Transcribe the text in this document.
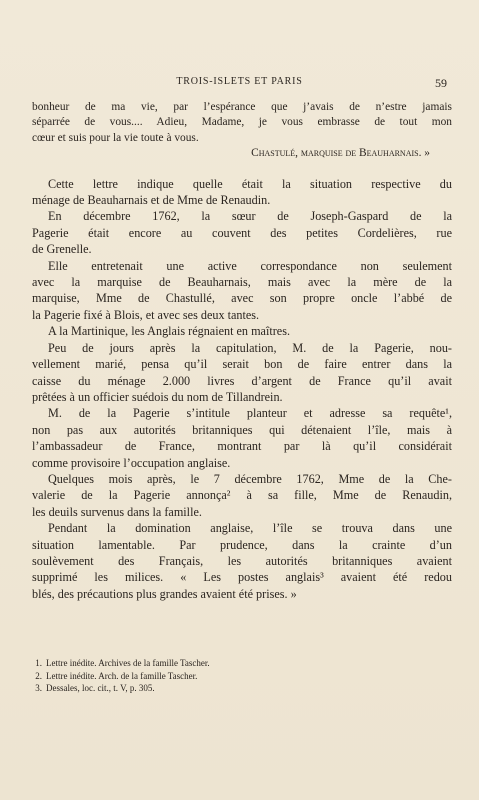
TROIS-ISLETS ET PARIS	59
bonheur de ma vie, par l’espérance que j’avais de n’estre jamais
séparrée de vous.... Adieu, Madame, je vous embrasse de tout mon
cœur et suis pour la vie toute à vous.
Chastulé, marquise de Beauharnais. »

Cette lettre indique quelle était la situation respective du
ménage de Beauharnais et de Mme de Renaudin.

En décembre 1762, la sœur de Joseph-Gaspard de la
Pagerie était encore au couvent des petites Cordelières, rue
de Grenelle.

Elle entretenait une active correspondance non seulement
avec la marquise de Beauharnais, mais avec la mère de la
marquise, Mme de Chastullé, avec son propre oncle l’abbé de
la Pagerie fixé à Blois, et avec ses deux tantes.

A la Martinique, les Anglais régnaient en maîtres.

Peu de jours après la capitulation, M. de la Pagerie, nou-
vellement marié, pensa qu’il serait bon de faire entrer dans la
caisse du ménage 2.000 livres d’argent de France qu’il avait
prêtées à un officier suédois du nom de Tillandrein.

M. de la Pagerie s’intitule planteur et adresse sa requête¹,
non pas aux autorités britanniques qui détenaient l’île, mais à
l’ambassadeur de France, montrant par là qu’il considérait
comme provisoire l’occupation anglaise.

Quelques mois après, le 7 décembre 1762, Mme de la Che-
valerie de la Pagerie annonça² à sa fille, Mme de Renaudin,
les deuils survenus dans la famille.

Pendant la domination anglaise, l’île se trouva dans une
situation lamentable. Par prudence, dans la crainte d’un
soulèvement des Français, les autorités britanniques avaient
supprimé les milices. « Les postes anglais³ avaient été redou
blés, des précautions plus grandes avaient été prises. »

1. Lettre inédite. Archives de la famille Tascher.
2. Lettre inédite. Arch. de la famille Tascher.
3. Dessales, loc. cit., t. V, p. 305.
